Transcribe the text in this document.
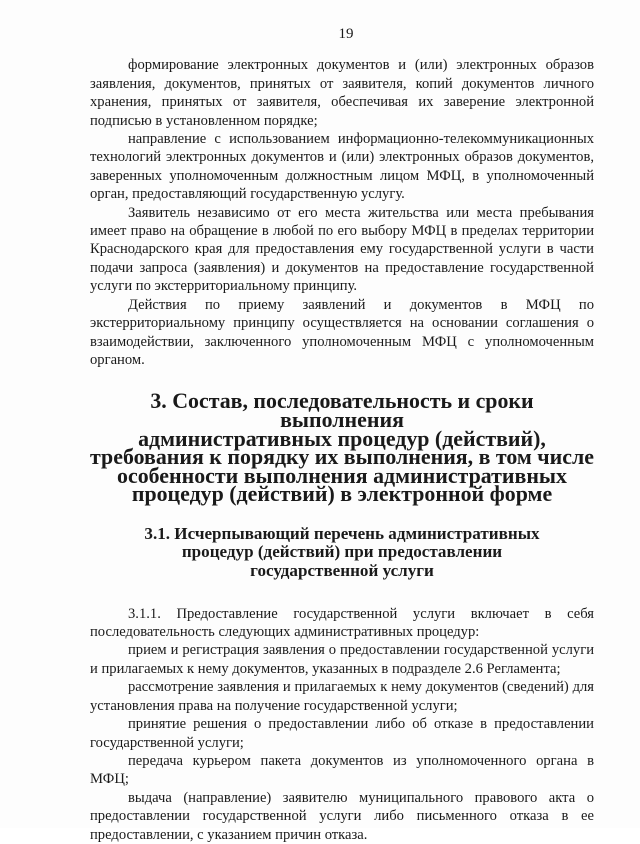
19

формирование электронных документов и (или) электронных образов заявления, документов, принятых от заявителя, копий документов личного хранения, принятых от заявителя, обеспечивая их заверение электронной подписью в установленном порядке;

направление с использованием информационно-телекоммуникационных технологий электронных документов и (или) электронных образов документов, заверенных уполномоченным должностным лицом МФЦ, в уполномоченный орган, предоставляющий государственную услугу.

Заявитель независимо от его места жительства или места пребывания имеет право на обращение в любой по его выбору МФЦ в пределах территории Краснодарского края для предоставления ему государственной услуги в части подачи запроса (заявления) и документов на предоставление государственной услуги по экстерриториальному принципу.

Действия по приему заявлений и документов в МФЦ по экстерриториальному принципу осуществляется на основании соглашения о взаимодействии, заключенного уполномоченным МФЦ с уполномоченным органом.

3. Состав, последовательность и сроки выполнения
административных процедур (действий),
требования к порядку их выполнения, в том числе
особенности выполнения административных
процедур (действий) в электронной форме
3.1. Исчерпывающий перечень административных
процедур (действий) при предоставлении
государственной услуги

3.1.1. Предоставление государственной услуги включает в себя последовательность следующих административных процедур:

прием и регистрация заявления о предоставлении государственной услуги и прилагаемых к нему документов, указанных в подразделе 2.6 Регламента;

рассмотрение заявления и прилагаемых к нему документов (сведений) для установления права на получение государственной услуги;

принятие решения о предоставлении либо об отказе в предоставлении государственной услуги;

передача курьером пакета документов из уполномоченного органа в МФЦ;

выдача (направление) заявителю муниципального правового акта о предоставлении государственной услуги либо письменного отказа в ее предоставлении, с указанием причин отказа.
